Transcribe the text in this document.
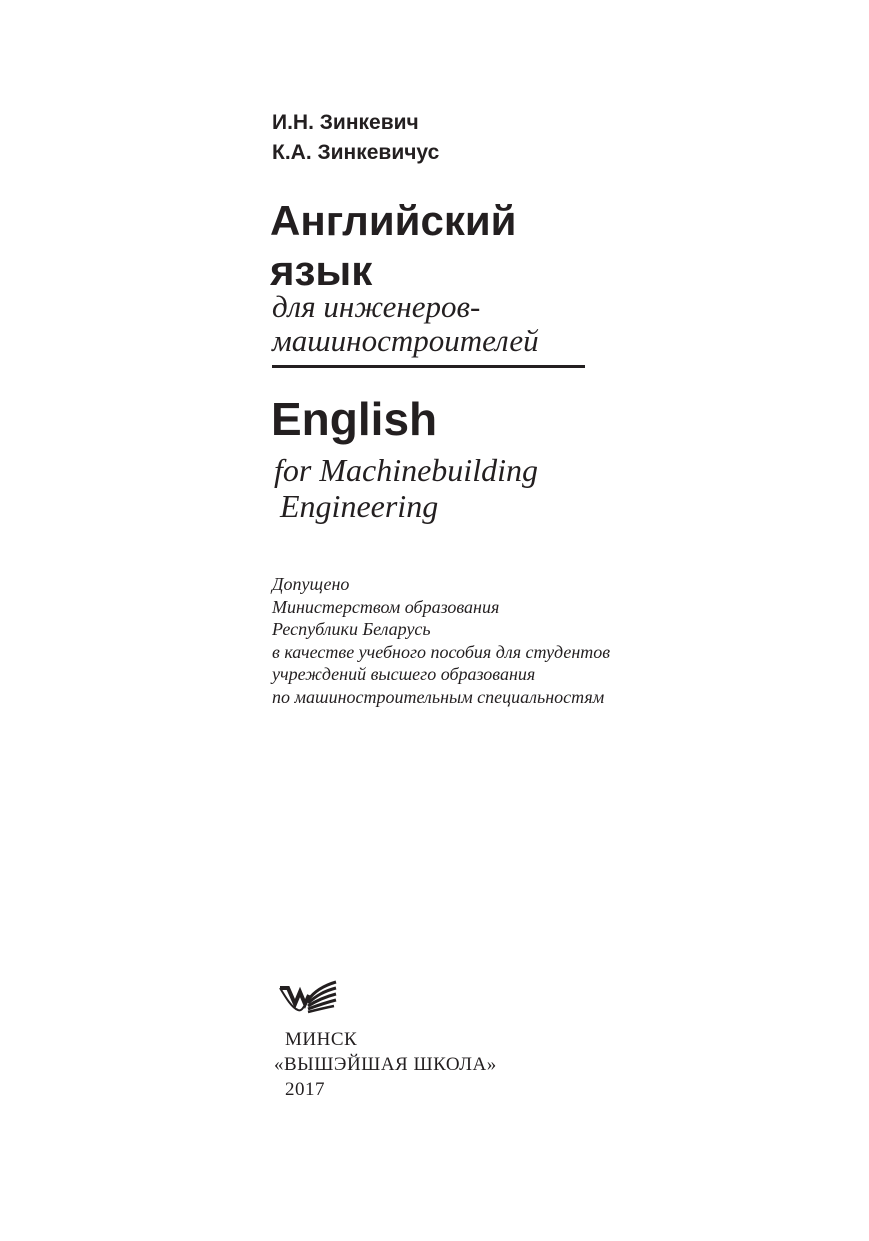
И.Н. Зинкевич
К.А. Зинкевичус
Английский
язык
для инженеров-
машиностроителей
English
for Machinebuilding
Engineering
Допущено
Министерством образования
Республики Беларусь
в качестве учебного пособия для студентов
учреждений высшего образования
по машиностроительным специальностям
МИНСК
«ВЫШЭЙШАЯ ШКОЛА»
2017
